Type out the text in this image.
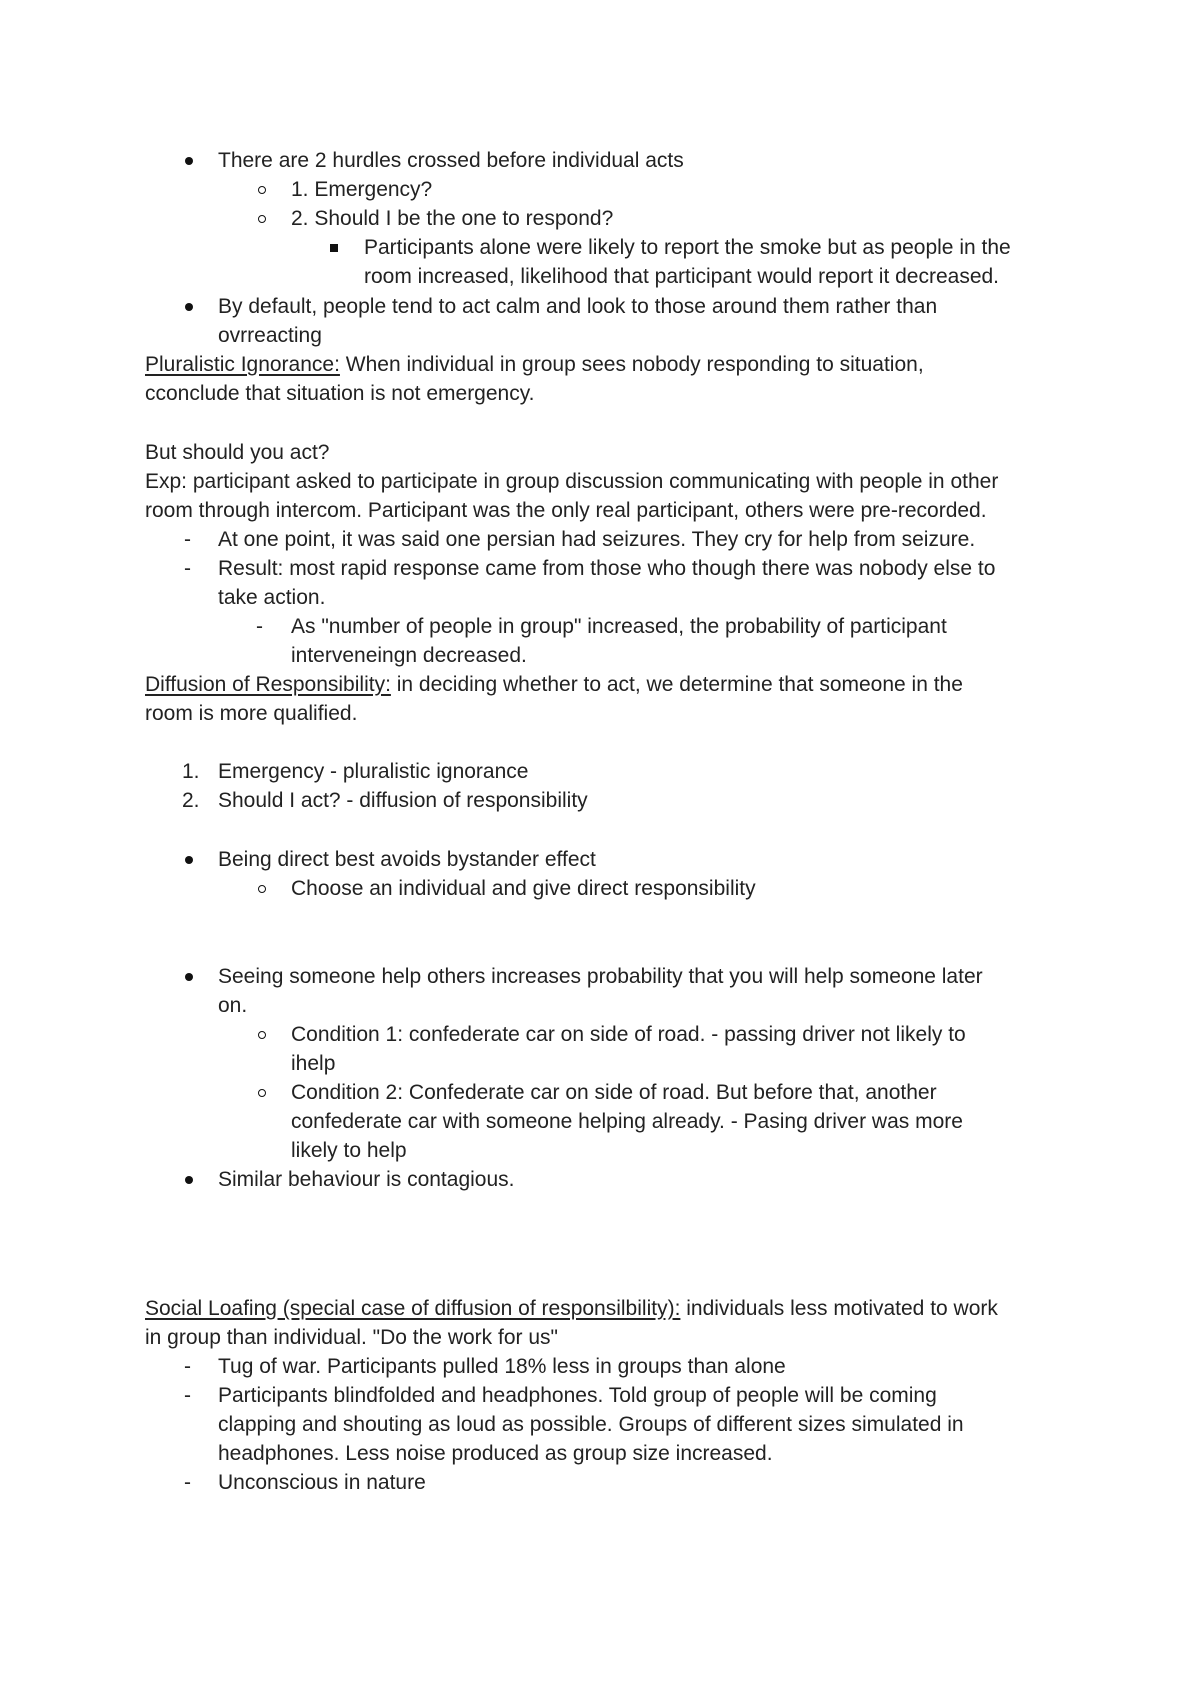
There are 2 hurdles crossed before individual acts
1. Emergency?
2. Should I be the one to respond?
Participants alone were likely to report the smoke but as people in the
room increased, likelihood that participant would report it decreased.
By default, people tend to act calm and look to those around them rather than
ovrreacting
Pluralistic Ignorance: When individual in group sees nobody responding to situation,
cconclude that situation is not emergency.
But should you act?
Exp: participant asked to participate in group discussion communicating with people in other
room through intercom. Participant was the only real participant, others were pre-recorded.
- At one point, it was said one persian had seizures. They cry for help from seizure.
- Result: most rapid response came from those who though there was nobody else to
take action.
- As "number of people in group" increased, the probability of participant
interveneingn decreased.
Diffusion of Responsibility: in deciding whether to act, we determine that someone in the
room is more qualified.
1. Emergency - pluralistic ignorance
2. Should I act? - diffusion of responsibility
Being direct best avoids bystander effect
Choose an individual and give direct responsibility
Seeing someone help others increases probability that you will help someone later
on.
Condition 1: confederate car on side of road. - passing driver not likely to
ihelp
Condition 2: Confederate car on side of road. But before that, another
confederate car with someone helping already. - Pasing driver was more
likely to help
Similar behaviour is contagious.
Social Loafing (special case of diffusion of responsilbility): individuals less motivated to work
in group than individual. "Do the work for us"
- Tug of war. Participants pulled 18% less in groups than alone
- Participants blindfolded and headphones. Told group of people will be coming
clapping and shouting as loud as possible. Groups of different sizes simulated in
headphones. Less noise produced as group size increased.
- Unconscious in nature
